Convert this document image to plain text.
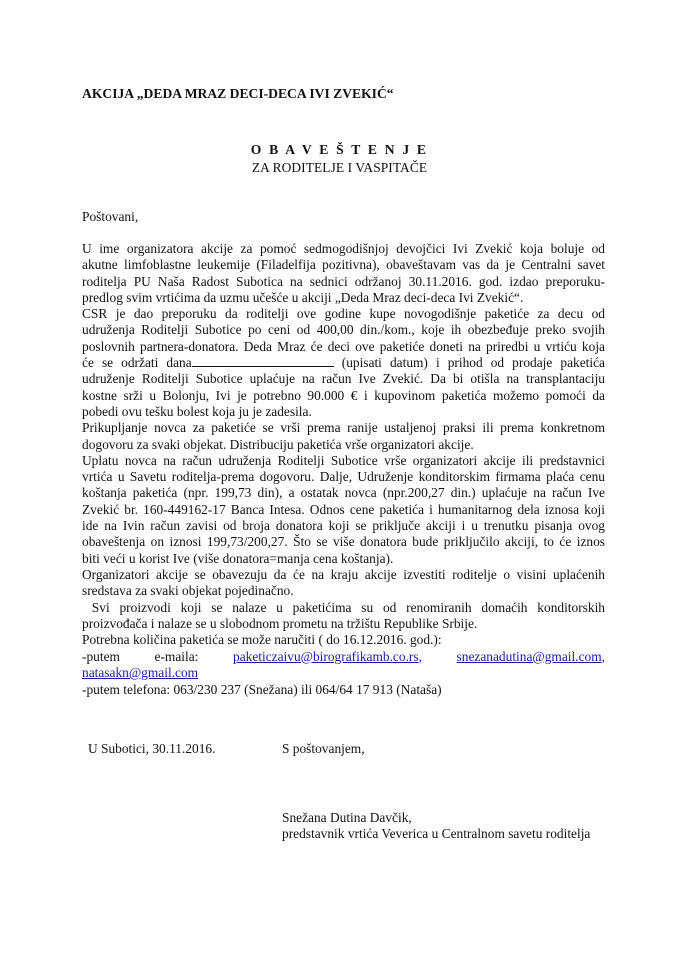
AKCIJA „DEDA MRAZ DECI-DECA IVI ZVEKIĆ“
O B A V E Š T E N J E
ZA RODITELJE I VASPITAČE
Poštovani,
U ime organizatora akcije za pomoć sedmogodišnjoj devojčici Ivi Zvekić koja boluje od
akutne limfoblastne leukemije (Filadelfija pozitivna), obaveštavam vas da je Centralni savet
roditelja PU Naša Radost Subotica na sednici održanoj 30.11.2016. god. izdao preporuku-
predlog svim vrtićima da uzmu učešće u akciji „Deda Mraz deci-deca Ivi Zvekić“.
CSR je dao preporuku da roditelji ove godine kupe novogodišnje paketiće za decu od
udruženja Roditelji Subotice po ceni od 400,00 din./kom., koje ih obezbeđuje preko svojih
poslovnih partnera-donatora. Deda Mraz će deci ove paketiće doneti na priredbi u vrtiću koja
će se održati dana	(upisati datum) i prihod od prodaje paketića
udruženje Roditelji Subotice uplaćuje na račun Ive Zvekić. Da bi otišla na transplantaciju
kostne srži u Bolonju, Ivi je potrebno 90.000 € i kupovinom paketića možemo pomoći da
pobedi ovu tešku bolest koja ju je zadesila.
Prikupljanje novca za paketiće se vrši prema ranije ustaljenoj praksi ili prema konkretnom
dogovoru za svaki objekat. Distribuciju paketića vrše organizatori akcije.
Uplatu novca na račun udruženja Roditelji Subotice vrše organizatori akcije ili predstavnici
vrtića u Savetu roditelja-prema dogovoru. Dalje, Udruženje konditorskim firmama plaća cenu
koštanja paketića (npr. 199,73 din), a ostatak novca (npr.200,27 din.) uplaćuje na račun Ive
Zvekić br. 160-449162-17 Banca Intesa. Odnos cene paketića i humanitarnog dela iznosa koji
ide na Ivin račun zavisi od broja donatora koji se priključe akciji i u trenutku pisanja ovog
obaveštenja on iznosi 199,73/200,27. Što se više donatora bude priključilo akciji, to će iznos
biti veći u korist Ive (više donatora=manja cena koštanja).
Organizatori akcije se obavezuju da će na kraju akcije izvestiti roditelje o visini uplaćenih
sredstava za svaki objekat pojedinačno.
Svi proizvodi koji se nalaze u paketićima su od renomiranih domaćih konditorskih
proizvođača i nalaze se u slobodnom prometu na tržištu Republike Srbije.
Potrebna količina paketića se može naručiti ( do 16.12.2016. god.):
-putem	e-maila:	paketiczaivu@birografikamb.co.rs,	snezanadutina@gmail.com,
natasakn@gmail.com
-putem telefona: 063/230 237 (Snežana) ili 064/64 17 913 (Nataša)
U Subotici, 30.11.2016.	S poštovanjem,
Snežana Dutina Davčik,
predstavnik vrtića Veverica u Centralnom savetu roditelja
